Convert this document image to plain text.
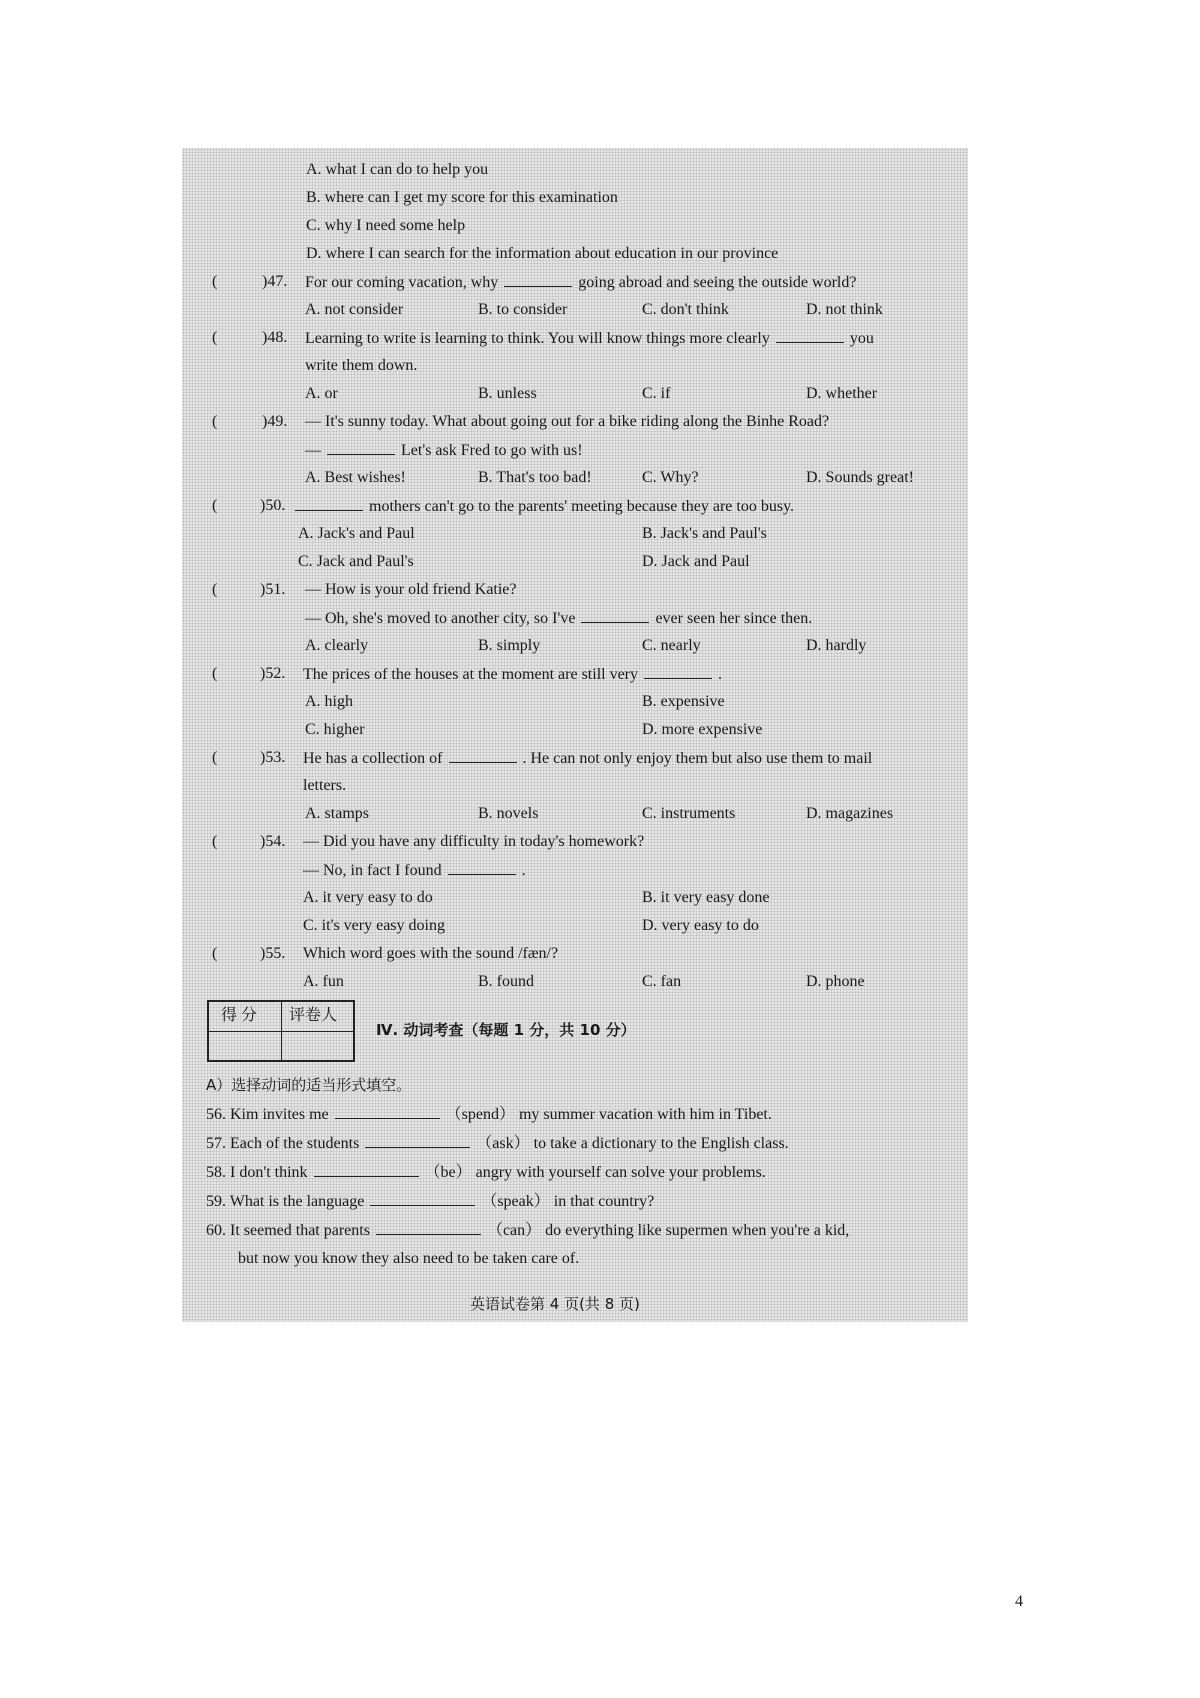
A. what I can do to help you
B. where can I get my score for this examination
C. why I need some help
D. where I can search for the information about education in our province
(	)47. For our coming vacation, why	going abroad and seeing the outside world?
A. not consider	B. to consider	C. don't think	D. not think
(	)48. Learning to write is learning to think. You will know things more clearly	you
write them down.
A. or	B. unless	C. if	D. whether
(	)49. — It's sunny today. What about going out for a bike riding along the Binhe Road?
—	Let's ask Fred to go with us!
A. Best wishes!	B. That's too bad!	C. Why?	D. Sounds great!
(	)50.	mothers can't go to the parents' meeting because they are too busy.
A. Jack's and Paul	B. Jack's and Paul's
C. Jack and Paul's	D. Jack and Paul
(	)51. — How is your old friend Katie?
— Oh, she's moved to another city, so I've	ever seen her since then.
A. clearly	B. simply	C. nearly	D. hardly
(	)52. The prices of the houses at the moment are still very	.
A. high	B. expensive
C. higher	D. more expensive
(	)53. He has a collection of	. He can not only enjoy them but also use them to mail
letters.
A. stamps	B. novels	C. instruments	D. magazines
(	)54. — Did you have any difficulty in today's homework?
— No, in fact I found	.
A. it very easy to do	B. it very easy done
C. it's very easy doing	D. very easy to do
(	)55. Which word goes with the sound /fæn/?
A. fun	B. found	C. fan	D. phone
得 分 评卷人
Ⅳ. 动词考查（每题 1 分，共 10 分）
A）选择动词的适当形式填空。
56. Kim invites me	（spend） my summer vacation with him in Tibet.
57. Each of the students	（ask） to take a dictionary to the English class.
58. I don't think	（be） angry with yourself can solve your problems.
59. What is the language	（speak） in that country?
60. It seemed that parents	（can） do everything like supermen when you're a kid,
but now you know they also need to be taken care of.
英语试卷第 4 页(共 8 页)
4
